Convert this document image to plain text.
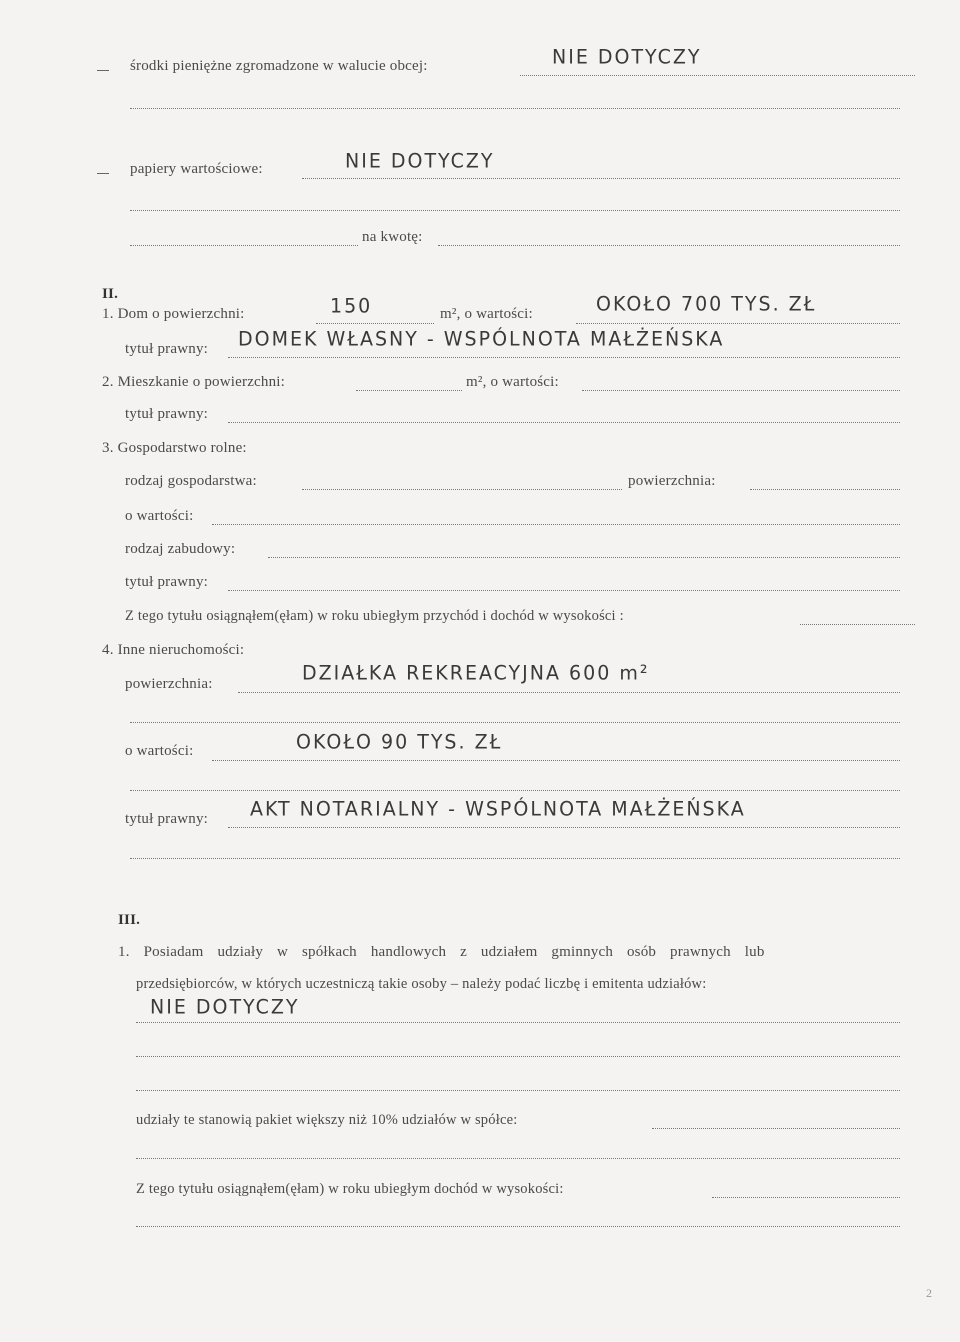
środki pieniężne zgromadzone w walucie obcej:	NIE DOTYCZY
papiery wartościowe:	NIE DOTYCZY
na kwotę:
II.
1. Dom o powierzchni:	150	m², o wartości:	OKOŁO 700 TYS. ZŁ
tytuł prawny: DOMEK WŁASNY - WSPÓLNOTA MAŁŻEŃSKA
2. Mieszkanie o powierzchni:	m², o wartości:
tytuł prawny:
3. Gospodarstwo rolne:
rodzaj gospodarstwa:	powierzchnia:
o wartości:
rodzaj zabudowy:
tytuł prawny:
Z tego tytułu osiągnąłem(ęłam) w roku ubiegłym przychód i dochód w wysokości :
4. Inne nieruchomości:
powierzchnia:	DZIAŁKA REKREACYJNA 600 m²
o wartości:	OKOŁO 90 TYS. ZŁ
tytuł prawny: AKT NOTARIALNY - WSPÓLNOTA MAŁŻEŃSKA
III.
1. Posiadam udziały w spółkach handlowych z udziałem gminnych osób prawnych lub
przedsiębiorców, w których uczestniczą takie osoby – należy podać liczbę i emitenta udziałów:
NIE DOTYCZY
udziały te stanowią pakiet większy niż 10% udziałów w spółce:
Z tego tytułu osiągnąłem(ęłam) w roku ubiegłym dochód w wysokości:
2
